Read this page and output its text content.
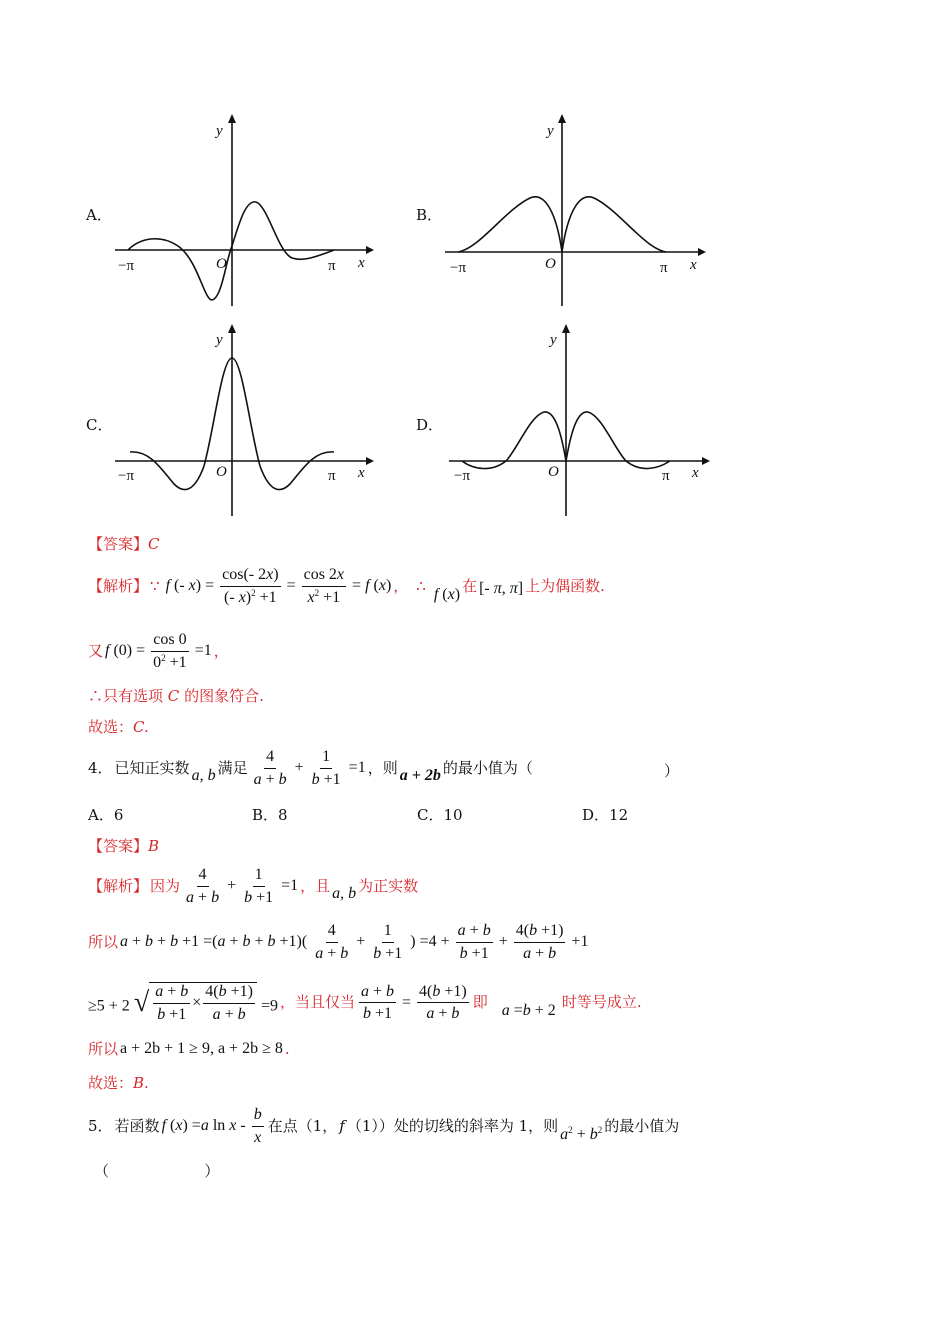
A．
−π	π x
y
O
B．
−π	π x
y
O
C．
−π	π x
y
O
D．
−π	π x
y
O
【答案】C
【解析】 ∵ f (- $x) = \frac{\cos(- 2x)}{(- x)^2 +1} = \frac{\cos 2x}{x^2 +1} = f$ (x) ， ∴ f (x) 在 [- π, π] 上为偶函数.
又 f $(0) = \frac{\cos 0}{0^2 +1} =1$ ，
∴只有选项 C 的图象符合.
故选：C.
4． 已知正实数 a, b 满足 $\frac{4}{a + b} + \frac{1}{b +1} =1$ ，则 a + 2b 的最小值为（	）
A．6	B．8	C．10	D．12
【答案】B
【解析】 因为 $\frac{4}{a + b} + \frac{1}{b +1} =1$ ，且 a, b 为正实数
所以 $a + b + b +1 =(a + b + b +1)( \frac{4}{a + b} + \frac{1}{b +1}$ ) $=4 + \frac{a + b}{b +1} + \frac{4(b +1)}{a + b} +1$
≥5 + 2 √ $\frac{a + b}{b +1} \times \frac{4(b +1)}{a + b} =9$ ，当且仅当 $\frac{a + b}{b +1} = \frac{4(b +1)}{a + b}$ 即 a =b + 2 时等号成立.
所以 a + 2b + 1 ≥ 9, a + 2b ≥ 8 .
故选：B.
5． 若函数 f (x) =a ln x - $\frac{b}{x}$ 在点（1， f （1））处的切线的斜率为 1，则 $a^2 + b^2$ 的最小值为
（                    ）
